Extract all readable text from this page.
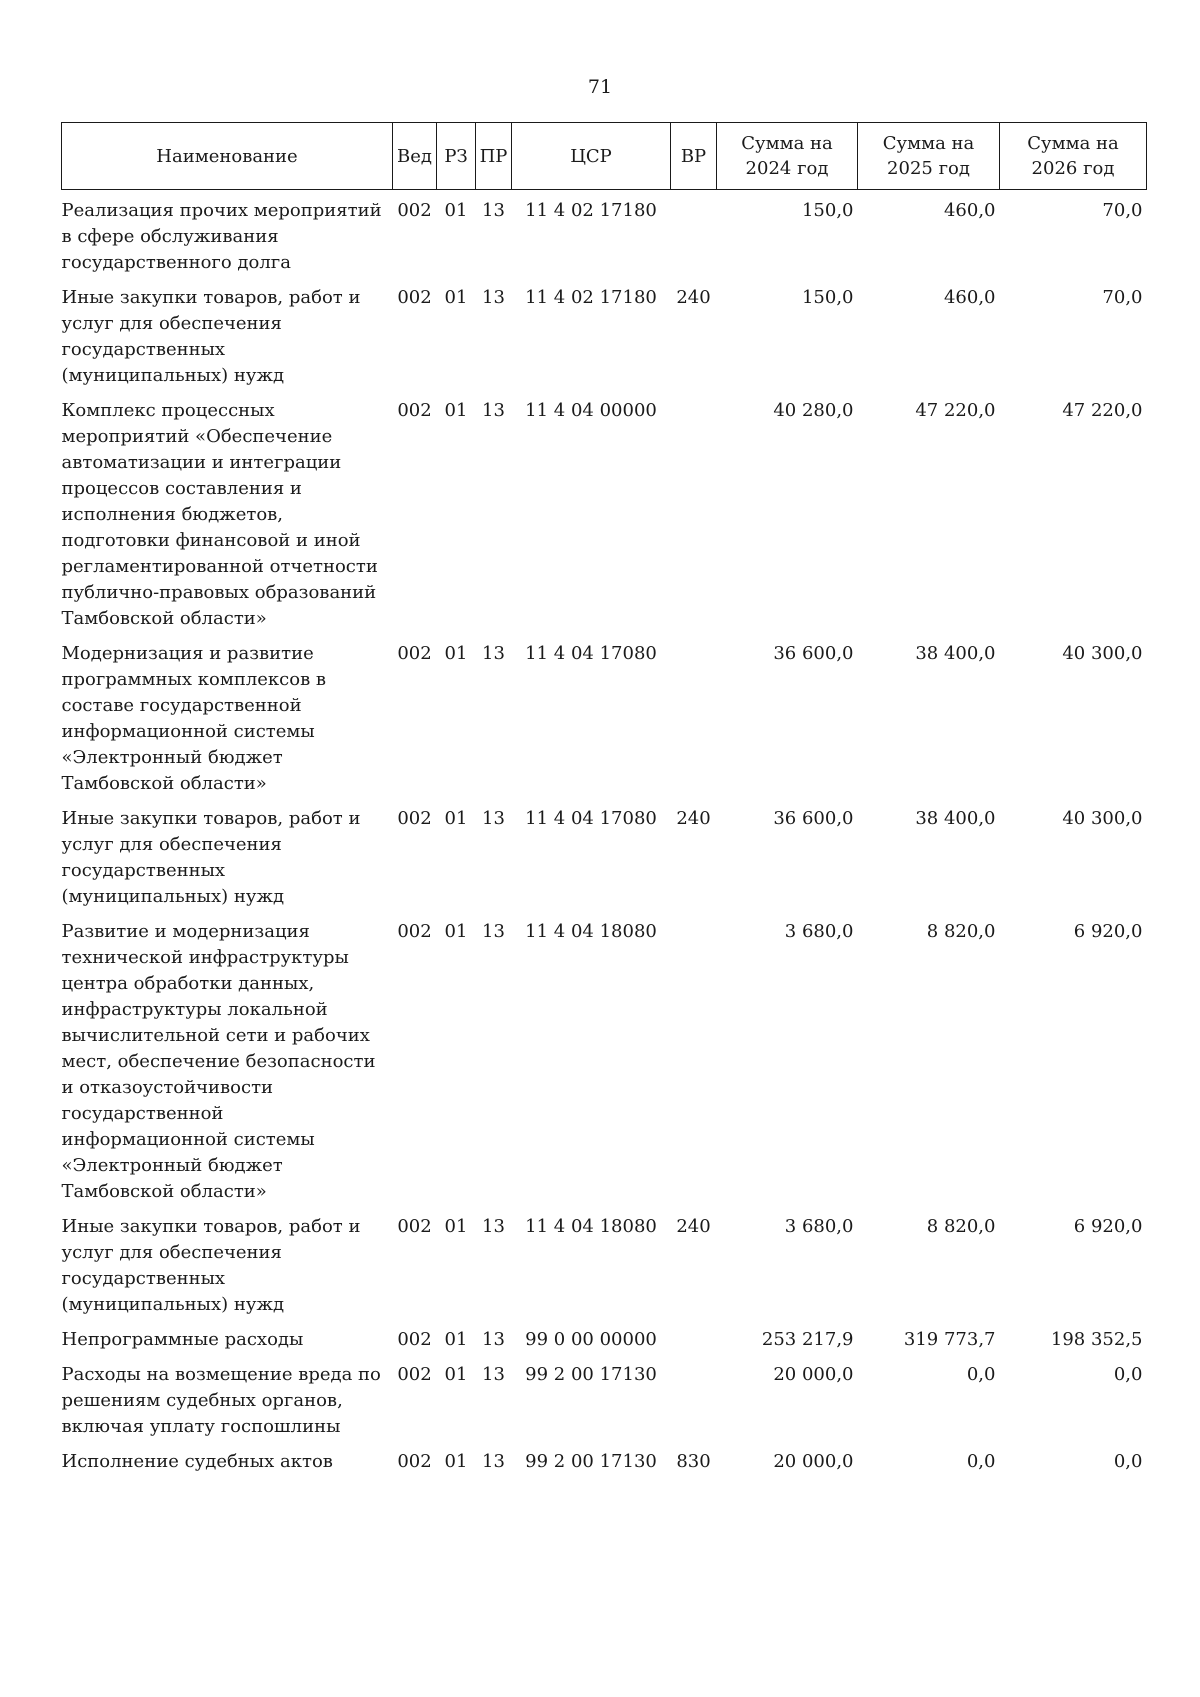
71
Наименование	Вед	РЗ	ПР	ЦСР	ВР	Сумма на 2024 год	Сумма на 2025 год	Сумма на 2026 год
Реализация прочих мероприятий в сфере обслуживания государственного долга	002	01	13	11 4 02 17180		150,0	460,0	70,0
Иные закупки товаров, работ и услуг для обеспечения государственных (муниципальных) нужд	002	01	13	11 4 02 17180	240	150,0	460,0	70,0
Комплекс процессных мероприятий «Обеспечение автоматизации и интеграции процессов составления и исполнения бюджетов, подготовки финансовой и иной регламентированной отчетности публично-правовых образований Тамбовской области»	002	01	13	11 4 04 00000		40 280,0	47 220,0	47 220,0
Модернизация и развитие программных комплексов в составе государственной информационной системы «Электронный бюджет Тамбовской области»	002	01	13	11 4 04 17080		36 600,0	38 400,0	40 300,0
Иные закупки товаров, работ и услуг для обеспечения государственных (муниципальных) нужд	002	01	13	11 4 04 17080	240	36 600,0	38 400,0	40 300,0
Развитие и модернизация технической инфраструктуры центра обработки данных, инфраструктуры локальной вычислительной сети и рабочих мест, обеспечение безопасности и отказоустойчивости государственной информационной системы «Электронный бюджет Тамбовской области»	002	01	13	11 4 04 18080		3 680,0	8 820,0	6 920,0
Иные закупки товаров, работ и услуг для обеспечения государственных (муниципальных) нужд	002	01	13	11 4 04 18080	240	3 680,0	8 820,0	6 920,0
Непрограммные расходы	002	01	13	99 0 00 00000		253 217,9	319 773,7	198 352,5
Расходы на возмещение вреда по решениям судебных органов, включая уплату госпошлины	002	01	13	99 2 00 17130		20 000,0	0,0	0,0
Исполнение судебных актов	002	01	13	99 2 00 17130	830	20 000,0	0,0	0,0
